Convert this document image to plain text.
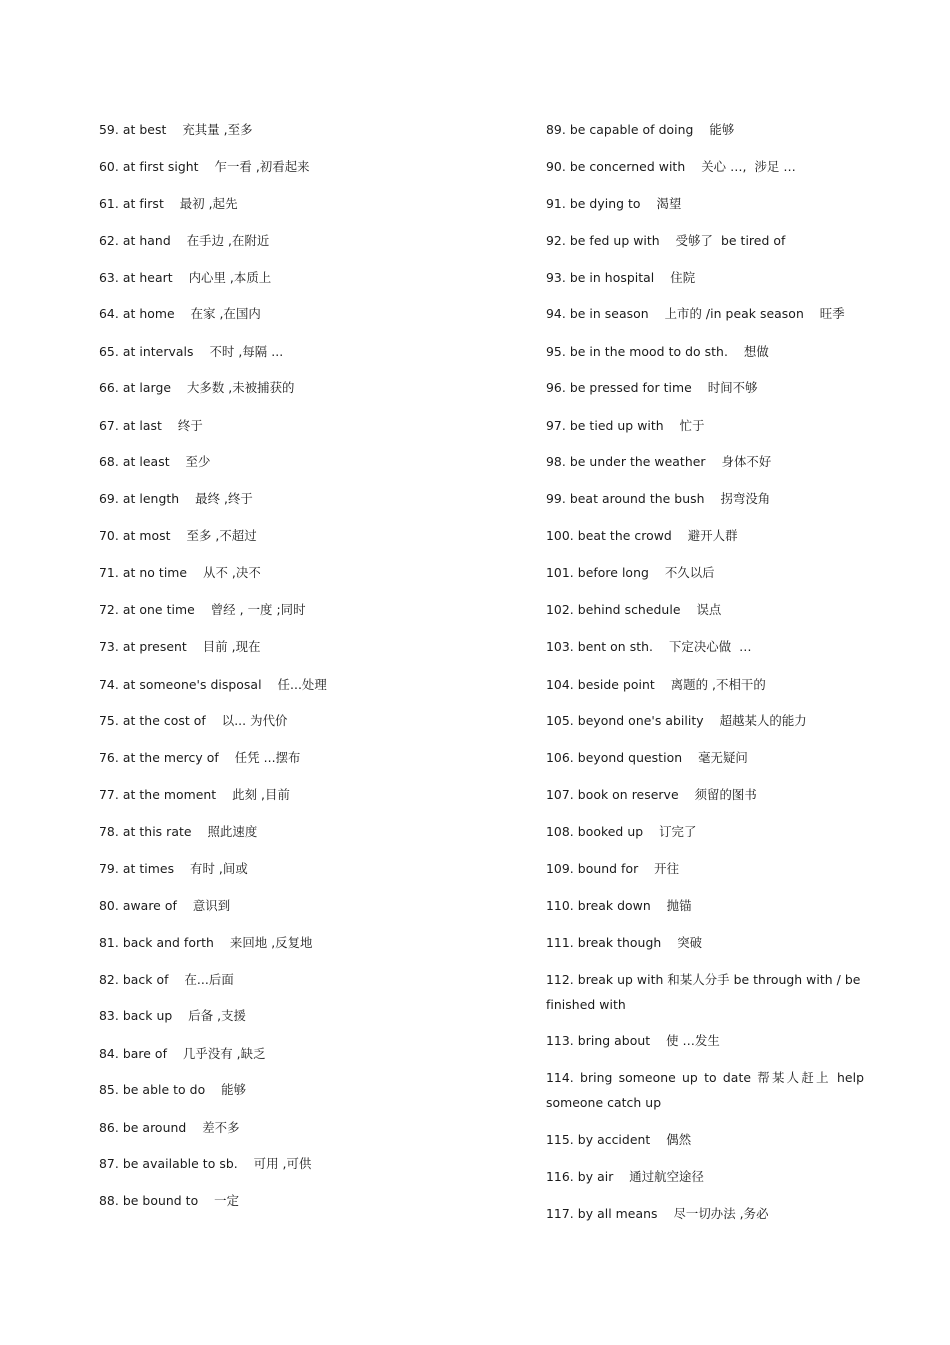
59. at best    充其量 ,至多
60. at first sight    乍一看 ,初看起来
61. at first    最初 ,起先
62. at hand    在手边 ,在附近
63. at heart    内心里 ,本质上
64. at home    在家 ,在国内
65. at intervals    不时 ,每隔 ...
66. at large    大多数 ,未被捕获的
67. at last    终于
68. at least    至少
69. at length    最终 ,终于
70. at most    至多 ,不超过
71. at no time    从不 ,决不
72. at one time    曾经 , 一度 ;同时
73. at present    目前 ,现在
74. at someone's disposal    任...处理
75. at the cost of    以... 为代价
76. at the mercy of    任凭 ...摆布
77. at the moment    此刻 ,目前
78. at this rate    照此速度
79. at times    有时 ,间或
80. aware of    意识到
81. back and forth    来回地 ,反复地
82. back of    在...后面
83. back up    后备 ,支援
84. bare of    几乎没有 ,缺乏
85. be able to do    能够
86. be around    差不多
87. be available to sb.    可用 ,可供
88. be bound to    一定
89. be capable of doing    能够
90. be concerned with    关心 …,  涉足 …
91. be dying to    渴望
92. be fed up with    受够了  be tired of
93. be in hospital    住院
94. be in season    上市的 /in peak season    旺季
95. be in the mood to do sth.    想做
96. be pressed for time    时间不够
97. be tied up with    忙于
98. be under the weather    身体不好
99. beat around the bush    拐弯没角
100. beat the crowd    避开人群
101. before long    不久以后
102. behind schedule    误点
103. bent on sth.    下定决心做  …
104. beside point    离题的 ,不相干的
105. beyond one's ability    超越某人的能力
106. beyond question    毫无疑问
107. book on reserve    须留的图书
108. booked up    订完了
109. bound for    开往
110. break down    抛锚
111. break though    突破
112. break up with 和某人分手 be through with / be finished with
113. bring about    使 …发生
114. bring someone up to date 帮某人赶上 help someone catch up
115. by accident    偶然
116. by air    通过航空途径
117. by all means    尽一切办法 ,务必
